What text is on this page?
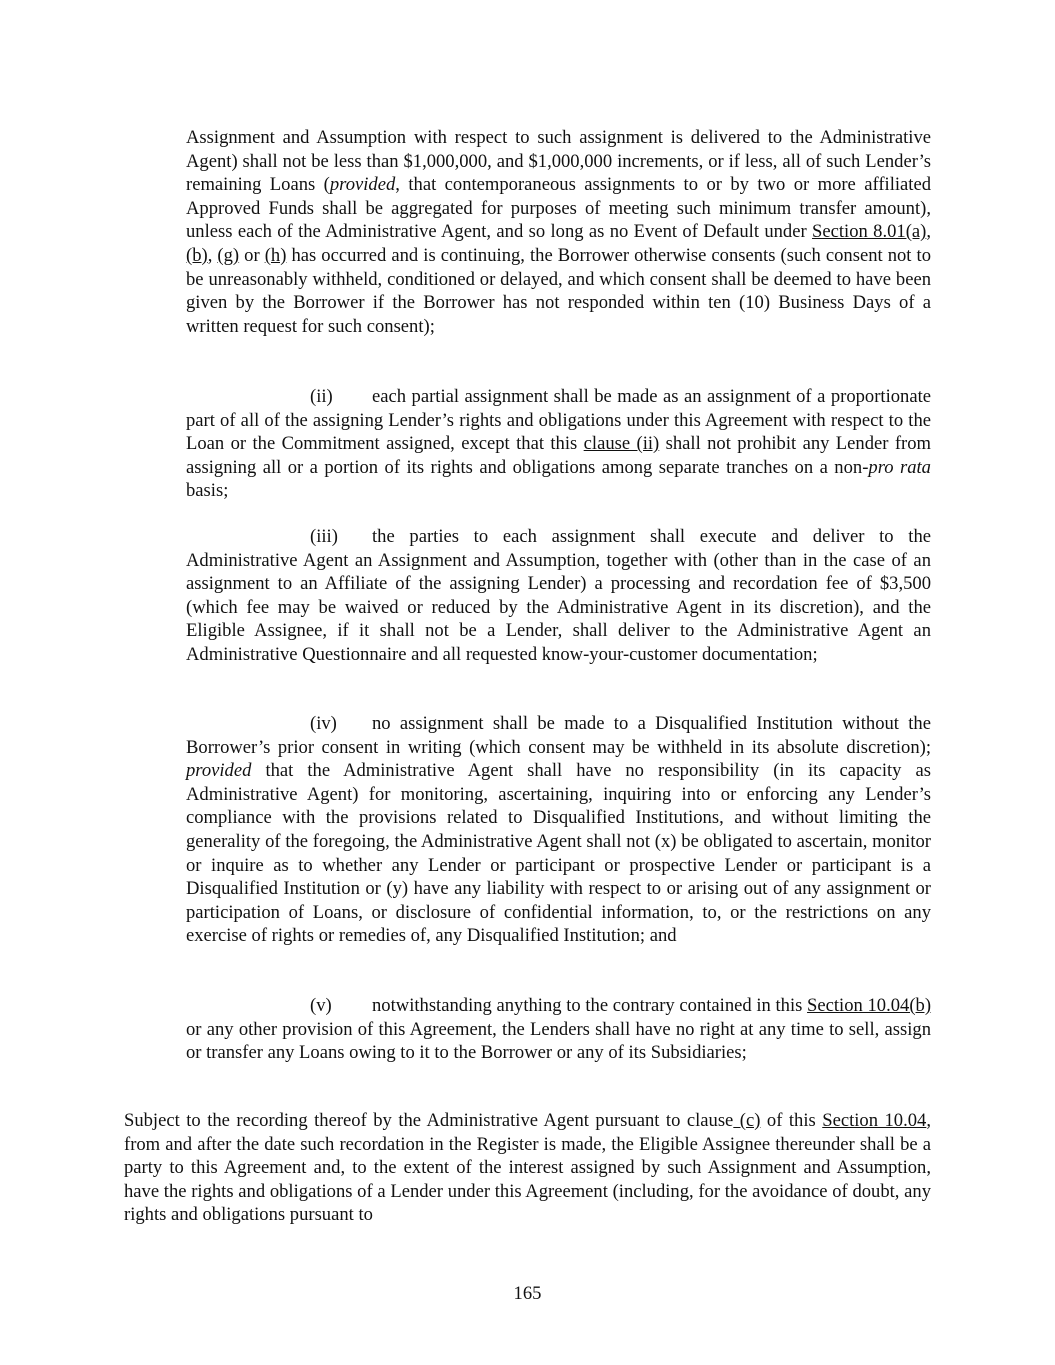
Assignment and Assumption with respect to such assignment is delivered to the Administrative Agent) shall not be less than $1,000,000, and $1,000,000 increments, or if less, all of such Lender’s remaining Loans (provided, that contemporaneous assignments to or by two or more affiliated Approved Funds shall be aggregated for purposes of meeting such minimum transfer amount), unless each of the Administrative Agent, and so long as no Event of Default under Section 8.01(a), (b), (g) or (h) has occurred and is continuing, the Borrower otherwise consents (such consent not to be unreasonably withheld, conditioned or delayed, and which consent shall be deemed to have been given by the Borrower if the Borrower has not responded within ten (10) Business Days of a written request for such consent);

(ii) each partial assignment shall be made as an assignment of a proportionate part of all of the assigning Lender’s rights and obligations under this Agreement with respect to the Loan or the Commitment assigned, except that this clause (ii) shall not prohibit any Lender from assigning all or a portion of its rights and obligations among separate tranches on a non-pro rata basis;

(iii) the parties to each assignment shall execute and deliver to the Administrative Agent an Assignment and Assumption, together with (other than in the case of an assignment to an Affiliate of the assigning Lender) a processing and recordation fee of $3,500 (which fee may be waived or reduced by the Administrative Agent in its discretion), and the Eligible Assignee, if it shall not be a Lender, shall deliver to the Administrative Agent an Administrative Questionnaire and all requested know-your-customer documentation;

(iv) no assignment shall be made to a Disqualified Institution without the Borrower’s prior consent in writing (which consent may be withheld in its absolute discretion); provided that the Administrative Agent shall have no responsibility (in its capacity as Administrative Agent) for monitoring, ascertaining, inquiring into or enforcing any Lender’s compliance with the provisions related to Disqualified Institutions, and without limiting the generality of the foregoing, the Administrative Agent shall not (x) be obligated to ascertain, monitor or inquire as to whether any Lender or participant or prospective Lender or participant is a Disqualified Institution or (y) have any liability with respect to or arising out of any assignment or participation of Loans, or disclosure of confidential information, to, or the restrictions on any exercise of rights or remedies of, any Disqualified Institution; and

(v) notwithstanding anything to the contrary contained in this Section 10.04(b) or any other provision of this Agreement, the Lenders shall have no right at any time to sell, assign or transfer any Loans owing to it to the Borrower or any of its Subsidiaries;

Subject to the recording thereof by the Administrative Agent pursuant to clause (c) of this Section 10.04, from and after the date such recordation in the Register is made, the Eligible Assignee thereunder shall be a party to this Agreement and, to the extent of the interest assigned by such Assignment and Assumption, have the rights and obligations of a Lender under this Agreement (including, for the avoidance of doubt, any rights and obligations pursuant to

165
